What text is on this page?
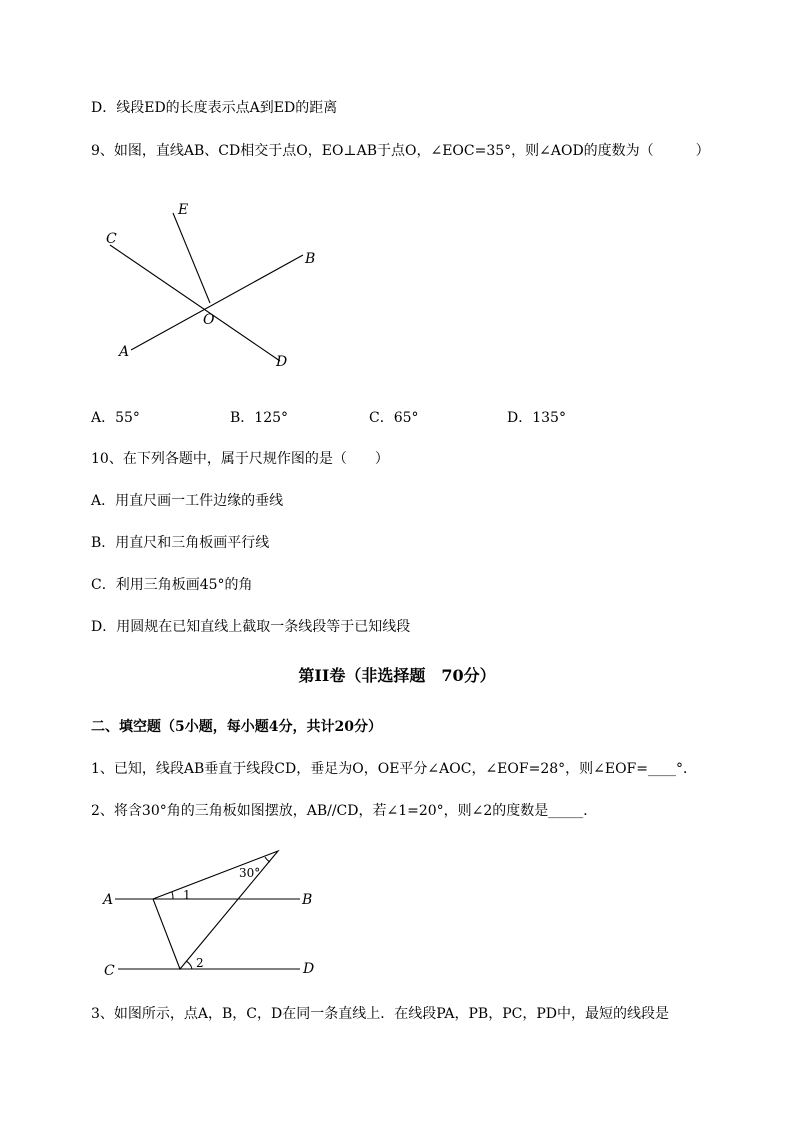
D．线段ED的长度表示点A到ED的距离
9、如图，直线AB、CD相交于点O，EO⊥AB于点O，∠EOC=35°，则∠AOD的度数为（　　　）
E
C
B
O
A
D
A．55°	B．125°	C．65°	D．135°
10、在下列各题中，属于尺规作图的是（　　）
A．用直尺画一工件边缘的垂线
B．用直尺和三角板画平行线
C．利用三角板画45°的角
D．用圆规在已知直线上截取一条线段等于已知线段
第II卷（非选择题　70分）
二、填空题（5小题，每小题4分，共计20分）
1、已知，线段AB垂直于线段CD，垂足为O，OE平分∠AOC，∠EOF=28°，则∠EOF=____°．
2、将含30°角的三角板如图摆放，AB//CD，若∠1=20°，则∠2的度数是_____．
A	B
C	D
30°
1
2
3、如图所示，点A，B，C，D在同一条直线上．在线段PA，PB，PC，PD中，最短的线段是
